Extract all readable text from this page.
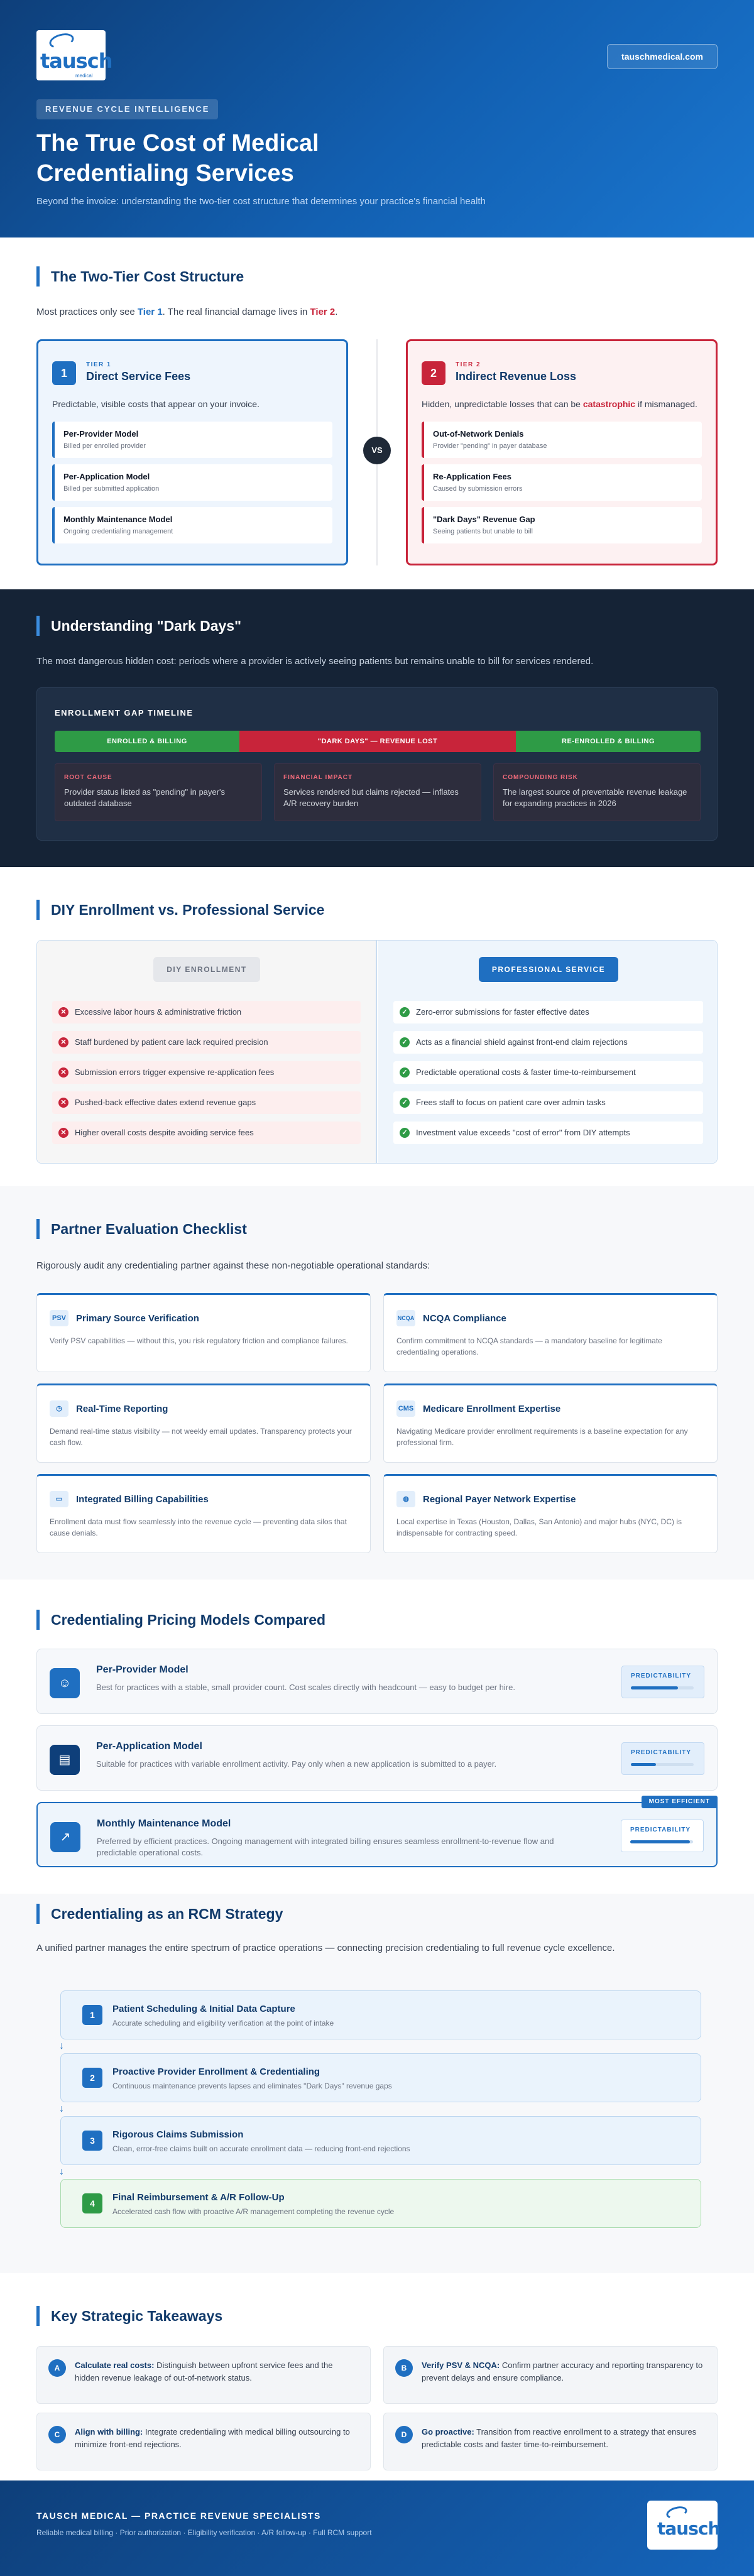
tausch
medical
tauschmedical.com
REVENUE CYCLE INTELLIGENCE
The True Cost of Medical Credentialing Services
Beyond the invoice: understanding the two-tier cost structure that determines your practice's financial health
The Two-Tier Cost Structure
Most practices only see Tier 1. The real financial damage lives in Tier 2.
1
TIER 1
Direct Service Fees
Predictable, visible costs that appear on your invoice.
Per-Provider Model
Billed per enrolled provider
Per-Application Model
Billed per submitted application
Monthly Maintenance Model
Ongoing credentialing management
VS
2
TIER 2
Indirect Revenue Loss
Hidden, unpredictable losses that can be catastrophic if mismanaged.
Out-of-Network Denials
Provider "pending" in payer database
Re-Application Fees
Caused by submission errors
"Dark Days" Revenue Gap
Seeing patients but unable to bill
Understanding "Dark Days"
The most dangerous hidden cost: periods where a provider is actively seeing patients but remains unable to bill for services rendered.
ENROLLMENT GAP TIMELINE
ENROLLED & BILLING	"DARK DAYS" — REVENUE LOST	RE-ENROLLED & BILLING
ROOT CAUSE
Provider status listed as "pending" in payer's outdated database
FINANCIAL IMPACT
Services rendered but claims rejected — inflates A/R recovery burden
COMPOUNDING RISK
The largest source of preventable revenue leakage for expanding practices in 2026
DIY Enrollment vs. Professional Service
DIY ENROLLMENT
✕ Excessive labor hours & administrative friction
✕ Staff burdened by patient care lack required precision
✕ Submission errors trigger expensive re-application fees
✕ Pushed-back effective dates extend revenue gaps
✕ Higher overall costs despite avoiding service fees
PROFESSIONAL SERVICE
✓ Zero-error submissions for faster effective dates
✓ Acts as a financial shield against front-end claim rejections
✓ Predictable operational costs & faster time-to-reimbursement
✓ Frees staff to focus on patient care over admin tasks
✓ Investment value exceeds "cost of error" from DIY attempts
Partner Evaluation Checklist
Rigorously audit any credentialing partner against these non-negotiable operational standards:
PSV Primary Source Verification
Verify PSV capabilities — without this, you risk regulatory friction and compliance failures.
NCQA NCQA Compliance
Confirm commitment to NCQA standards — a mandatory baseline for legitimate credentialing operations.
◷	Real-Time Reporting
Demand real-time status visibility — not weekly email updates. Transparency protects your cash flow.
CMS Medicare Enrollment Expertise
Navigating Medicare provider enrollment requirements is a baseline expectation for any professional firm.
▭	Integrated Billing Capabilities
Enrollment data must flow seamlessly into the revenue cycle — preventing data silos that cause denials.
◍	Regional Payer Network Expertise
Local expertise in Texas (Houston, Dallas, San Antonio) and major hubs (NYC, DC) is indispensable for contracting speed.
Credentialing Pricing Models Compared
☺
Per-Provider Model
Best for practices with a stable, small provider count. Cost scales directly with headcount — easy to budget per hire.
PREDICTABILITY
▤
Per-Application Model
Suitable for practices with variable enrollment activity. Pay only when a new application is submitted to a payer.
PREDICTABILITY
MOST EFFICIENT
↗
Monthly Maintenance Model
Preferred by efficient practices. Ongoing management with integrated billing ensures seamless enrollment-to-revenue flow and predictable operational costs.
PREDICTABILITY
Credentialing as an RCM Strategy
A unified partner manages the entire spectrum of practice operations — connecting precision credentialing to full revenue cycle excellence.
1
Patient Scheduling & Initial Data Capture
Accurate scheduling and eligibility verification at the point of intake
↓
2
Proactive Provider Enrollment & Credentialing
Continuous maintenance prevents lapses and eliminates "Dark Days" revenue gaps
↓
3
Rigorous Claims Submission
Clean, error-free claims built on accurate enrollment data — reducing front-end rejections
↓
4
Final Reimbursement & A/R Follow-Up
Accelerated cash flow with proactive A/R management completing the revenue cycle
Key Strategic Takeaways
A	Calculate real costs: Distinguish between upfront service fees and the hidden revenue leakage of out-of-network status.
B	Verify PSV & NCQA: Confirm partner accuracy and reporting transparency to prevent delays and ensure compliance.
C	Align with billing: Integrate credentialing with medical billing outsourcing to minimize front-end rejections.
D	Go proactive: Transition from reactive enrollment to a strategy that ensures predictable costs and faster time-to-reimbursement.
TAUSCH MEDICAL — PRACTICE REVENUE SPECIALISTS
Reliable medical billing · Prior authorization · Eligibility verification · A/R follow-up · Full RCM support	tausch
